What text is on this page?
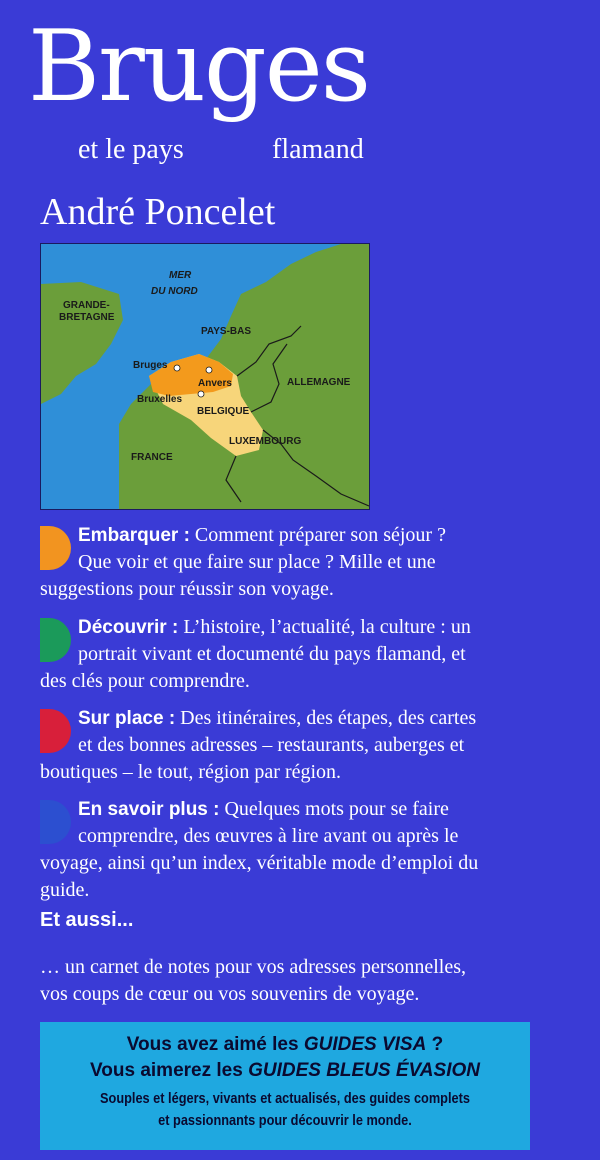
Bruges
et le pays	flamand
André Poncelet
MER
DU NORD
GRANDE-
BRETAGNE
PAYS-BAS
ALLEMAGNE
Bruges
Anvers
Bruxelles
BELGIQUE
LUXEMBOURG
FRANCE
Embarquer : Comment préparer son séjour ?
Que voir et que faire sur place ? Mille et une
suggestions pour réussir son voyage.
Découvrir : L’histoire, l’actualité, la culture : un
portrait vivant et documenté du pays flamand, et
des clés pour comprendre.
Sur place : Des itinéraires, des étapes, des cartes
et des bonnes adresses – restaurants, auberges et
boutiques – le tout, région par région.
En savoir plus : Quelques mots pour se faire
comprendre, des œuvres à lire avant ou après le
voyage, ainsi qu’un index, véritable mode d’emploi du
guide.
Et aussi...
… un carnet de notes pour vos adresses personnelles,
vos coups de cœur ou vos souvenirs de voyage.
Vous avez aimé les GUIDES VISA ?
Vous aimerez les GUIDES BLEUS ÉVASION
Souples et légers, vivants et actualisés, des guides complets
et passionnants pour découvrir le monde.
